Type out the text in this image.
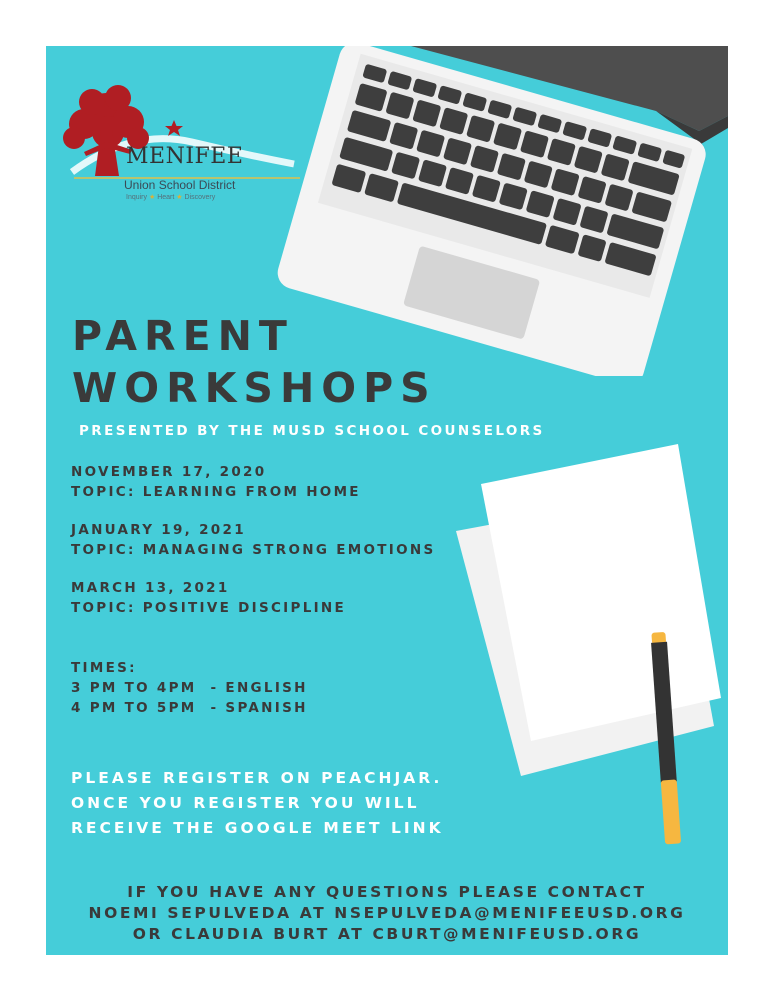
MENIFEE
Union School District
Inquiry ★ Heart ★ Discovery
PARENT
WORKSHOPS
PRESENTED BY THE MUSD SCHOOL COUNSELORS
NOVEMBER 17, 2020
TOPIC: LEARNING FROM HOME
JANUARY 19, 2021
TOPIC: MANAGING STRONG EMOTIONS
MARCH 13, 2021
TOPIC: POSITIVE DISCIPLINE
TIMES:
3 PM TO 4PM  - ENGLISH
4 PM TO 5PM  - SPANISH
PLEASE REGISTER ON PEACHJAR.
ONCE YOU REGISTER YOU WILL
RECEIVE THE GOOGLE MEET LINK
IF YOU HAVE ANY QUESTIONS PLEASE CONTACT
NOEMI SEPULVEDA AT NSEPULVEDA@MENIFEEUSD.ORG
OR CLAUDIA BURT AT CBURT@MENIFEUSD.ORG
